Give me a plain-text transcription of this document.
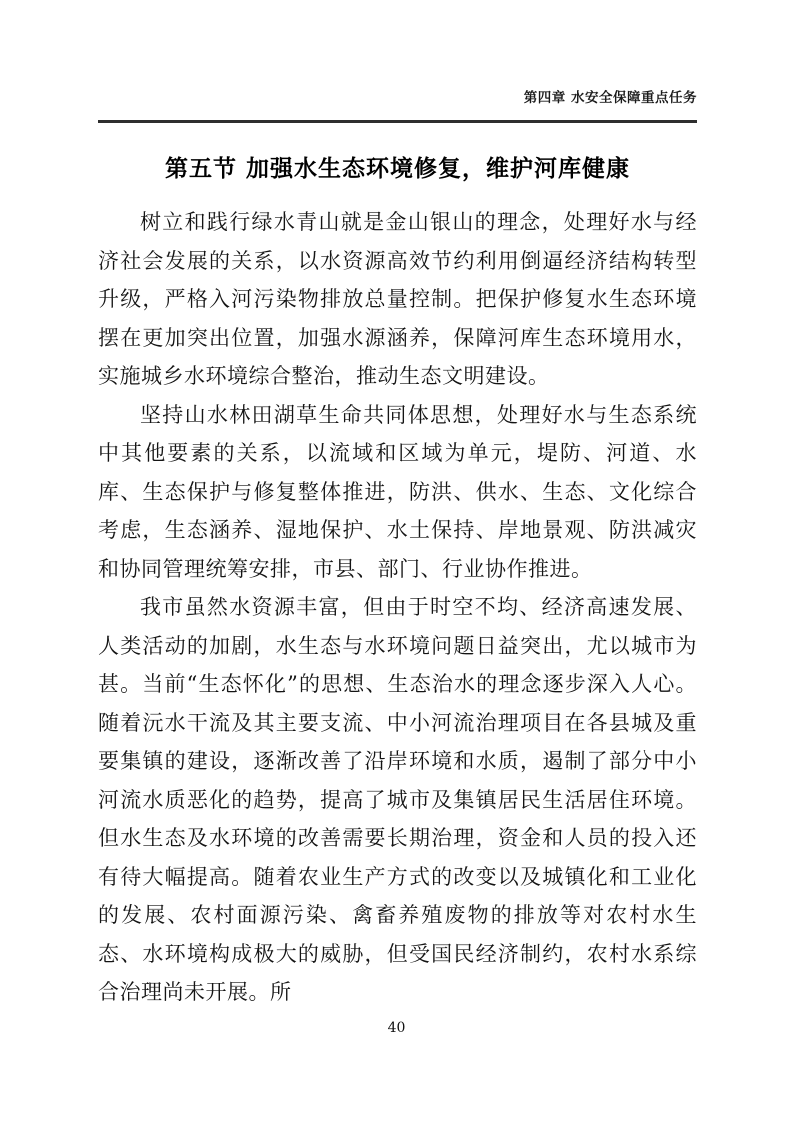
第四章 水安全保障重点任务
第五节 加强水生态环境修复，维护河库健康

树立和践行绿水青山就是金山银山的理念，处理好水与经济社会发展的关系，以水资源高效节约利用倒逼经济结构转型升级，严格入河污染物排放总量控制。把保护修复水生态环境摆在更加突出位置，加强水源涵养，保障河库生态环境用水，实施城乡水环境综合整治，推动生态文明建设。

坚持山水林田湖草生命共同体思想，处理好水与生态系统中其他要素的关系，以流域和区域为单元，堤防、河道、水库、生态保护与修复整体推进，防洪、供水、生态、文化综合考虑，生态涵养、湿地保护、水土保持、岸地景观、防洪减灾和协同管理统筹安排，市县、部门、行业协作推进。

我市虽然水资源丰富，但由于时空不均、经济高速发展、人类活动的加剧，水生态与水环境问题日益突出，尤以城市为甚。当前“生态怀化”的思想、生态治水的理念逐步深入人心。随着沅水干流及其主要支流、中小河流治理项目在各县城及重要集镇的建设，逐渐改善了沿岸环境和水质，遏制了部分中小河流水质恶化的趋势，提高了城市及集镇居民生活居住环境。但水生态及水环境的改善需要长期治理，资金和人员的投入还有待大幅提高。随着农业生产方式的改变以及城镇化和工业化的发展、农村面源污染、禽畜养殖废物的排放等对农村水生态、水环境构成极大的威胁，但受国民经济制约，农村水系综合治理尚未开展。所

40
